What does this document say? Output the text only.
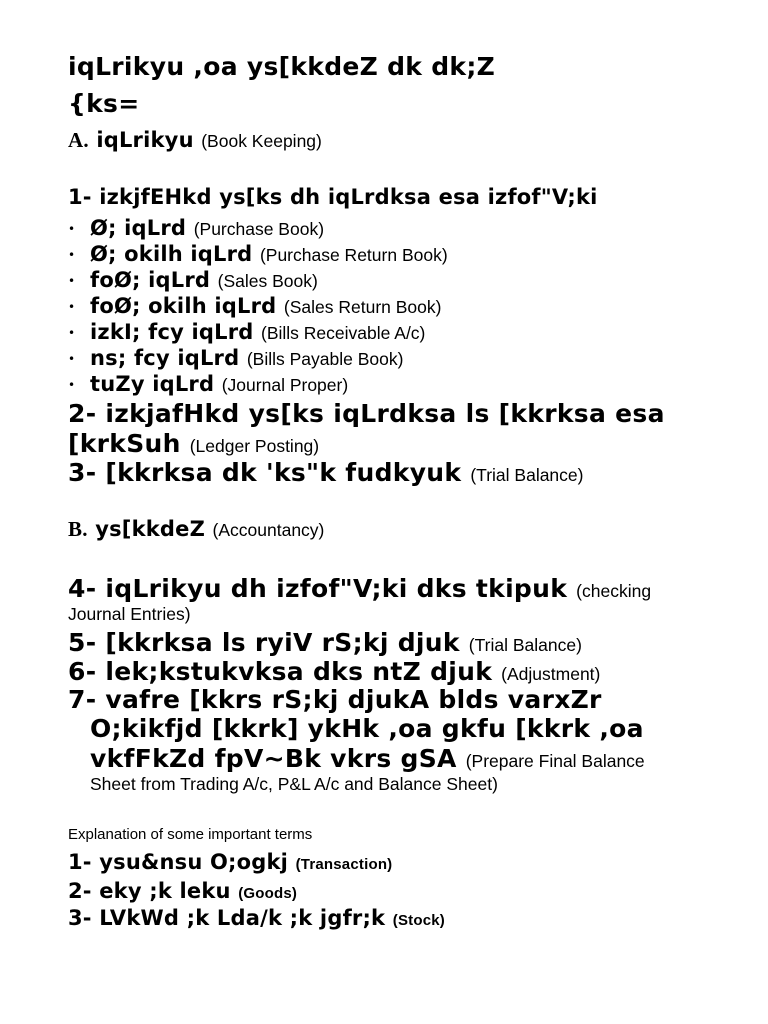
iqLrikyu ,oa ys[kkdeZ dk dk;Z
{ks=
A. iqLrikyu (Book Keeping)
1- izkjfEHkd ys[ks dh iqLrdksa esa izfof"V;ki
• Ø; iqLrd (Purchase Book)
• Ø; okilh iqLrd (Purchase Return Book)
• foØ; iqLrd (Sales Book)
• foØ; okilh iqLrd (Sales Return Book)
• izkI; fcy iqLrd (Bills Receivable A/c)
• ns; fcy iqLrd (Bills Payable Book)
• tuZy iqLrd (Journal Proper)
2- izkjafHkd ys[ks iqLrdksa ls [kkrksa esa
[krkSuh (Ledger Posting)
3- [kkrksa dk 'ks"k fudkyuk (Trial Balance)
B. ys[kkdeZ (Accountancy)
4- iqLrikyu dh izfof"V;ki dks tkipuk (checking
Journal Entries)
5- [kkrksa ls ryiV rS;kj djuk (Trial Balance)
6- lek;kstukvksa dks ntZ djuk (Adjustment)
7- vafre [kkrs rS;kj djukA blds varxZr
O;kikfjd [kkrk] ykHk ,oa gkfu [kkrk ,oa
vkfFkZd fpV~Bk vkrs gSA (Prepare Final Balance
Sheet from Trading A/c, P&L A/c and Balance Sheet)
Explanation of some important terms
1- ysu&nsu O;ogkj (Transaction)
2- eky ;k leku (Goods)
3- LVkWd ;k Lda/k ;k jgfr;k (Stock)
